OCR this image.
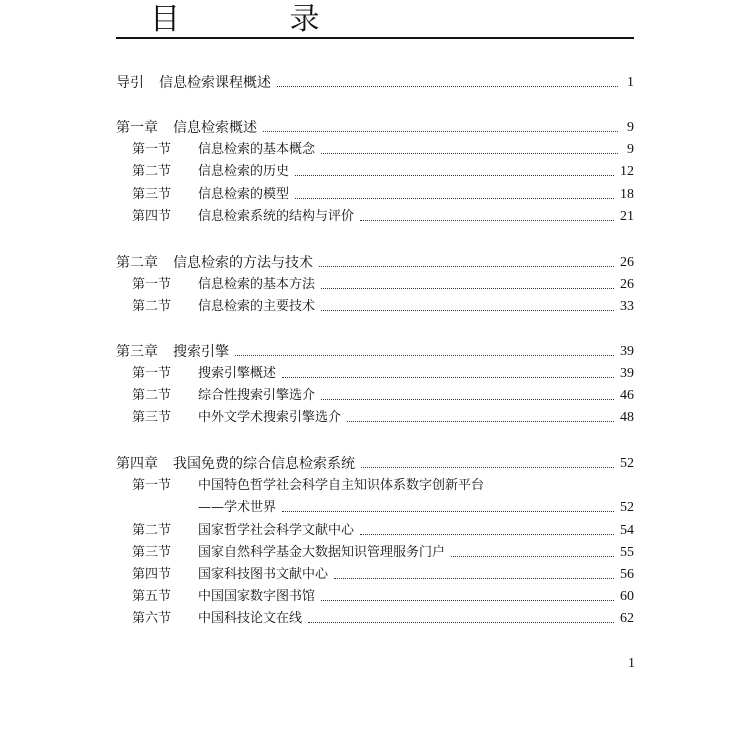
目 录
导引 信息检索课程概述	1
第一章 信息检索概述	9
第一节	信息检索的基本概念	9
第二节	信息检索的历史	12
第三节	信息检索的模型	18
第四节	信息检索系统的结构与评价	21
第二章 信息检索的方法与技术	26
第一节	信息检索的基本方法	26
第二节	信息检索的主要技术	33
第三章 搜索引擎	39
第一节	搜索引擎概述	39
第二节	综合性搜索引擎选介	46
第三节	中外文学术搜索引擎选介	48
第四章 我国免费的综合信息检索系统	52
第一节	中国特色哲学社会科学自主知识体系数字创新平台
——学术世界	52
第二节	国家哲学社会科学文献中心	54
第三节	国家自然科学基金大数据知识管理服务门户	55
第四节	国家科技图书文献中心	56
第五节	中国国家数字图书馆	60
第六节	中国科技论文在线	62
1
